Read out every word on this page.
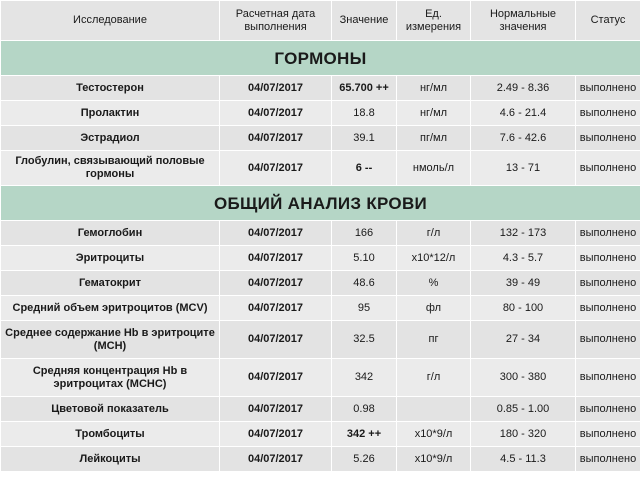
Исследование	Расчетная дата выполнения	Значение	Ед. измерения	Нормальные значения	Статус
ГОРМОНЫ					
Тестостерон	04/07/2017	65.700 ++	нг/мл	2.49 - 8.36	выполнено
Пролактин	04/07/2017	18.8	нг/мл	4.6 - 21.4	выполнено
Эстрадиол	04/07/2017	39.1	пг/мл	7.6 - 42.6	выполнено
Глобулин, связывающий половые гормоны	04/07/2017	6 --	нмоль/л	13 - 71	выполнено
ОБЩИЙ АНАЛИЗ КРОВИ					
Гемоглобин	04/07/2017	166	г/л	132 - 173	выполнено
Эритроциты	04/07/2017	5.10	x10*12/л	4.3 - 5.7	выполнено
Гематокрит	04/07/2017	48.6	%	39 - 49	выполнено
Средний объем эритроцитов (MCV)	04/07/2017	95	фл	80 - 100	выполнено
Среднее содержание Hb в эритроците (MCH)	04/07/2017	32.5	пг	27 - 34	выполнено
Средняя концентрация Hb в эритроцитах (MCHC)	04/07/2017	342	г/л	300 - 380	выполнено
Цветовой показатель	04/07/2017	0.98		0.85 - 1.00	выполнено
Тромбоциты	04/07/2017	342 ++	x10*9/л	180 - 320	выполнено
Лейкоциты	04/07/2017	5.26	x10*9/л	4.5 - 11.3	выполнено
